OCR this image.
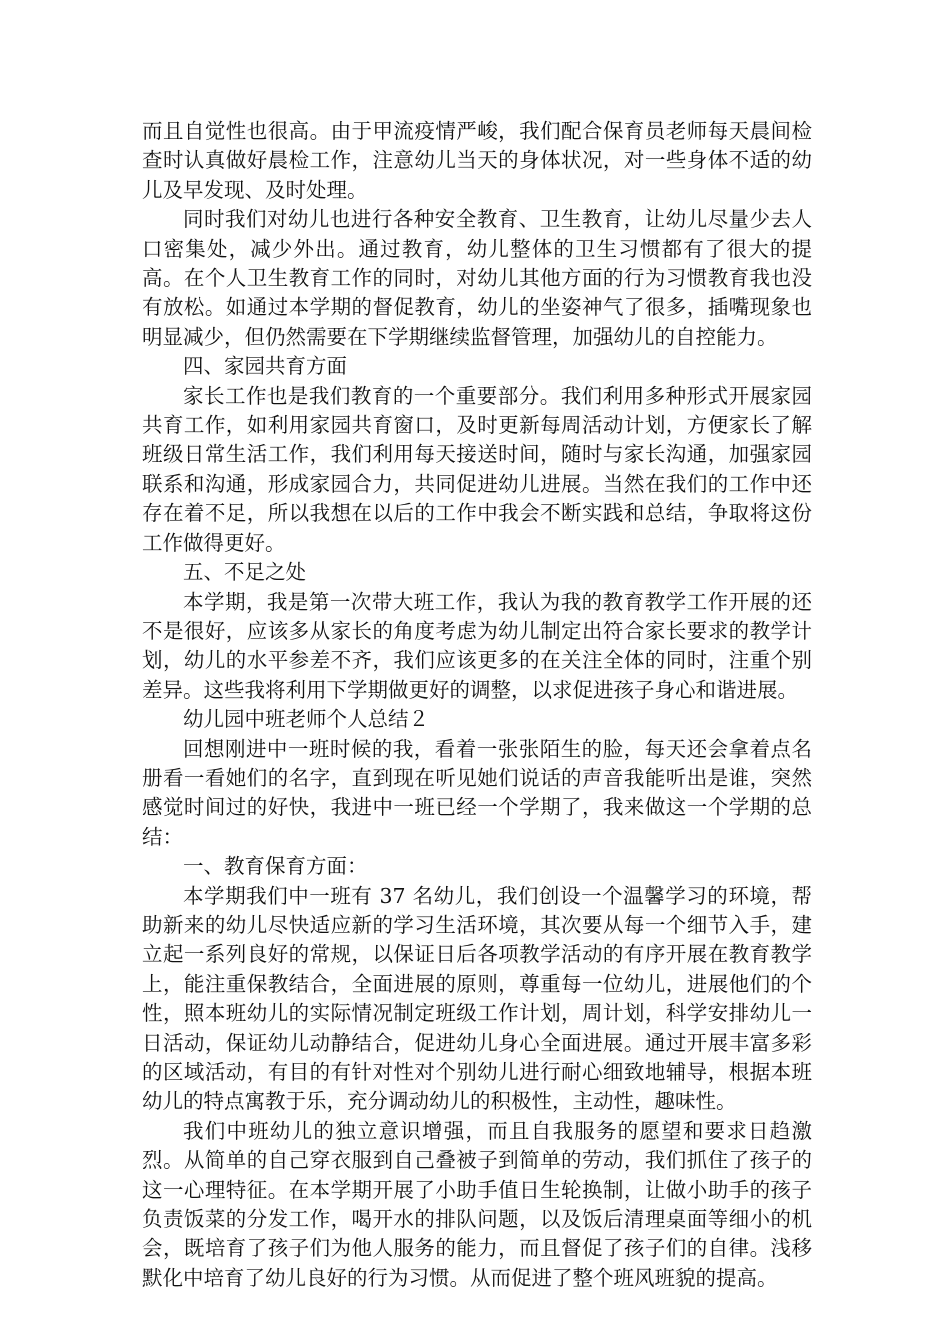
而且自觉性也很高。由于甲流疫情严峻，我们配合保育员老师每天晨间检查时认真做好晨检工作，注意幼儿当天的身体状况，对一些身体不适的幼儿及早发现、及时处理。

同时我们对幼儿也进行各种安全教育、卫生教育，让幼儿尽量少去人口密集处，减少外出。通过教育，幼儿整体的卫生习惯都有了很大的提高。在个人卫生教育工作的同时，对幼儿其他方面的行为习惯教育我也没有放松。如通过本学期的督促教育，幼儿的坐姿神气了很多，插嘴现象也明显减少，但仍然需要在下学期继续监督管理，加强幼儿的自控能力。

四、家园共育方面

家长工作也是我们教育的一个重要部分。我们利用多种形式开展家园共育工作，如利用家园共育窗口，及时更新每周活动计划，方便家长了解班级日常生活工作，我们利用每天接送时间，随时与家长沟通，加强家园联系和沟通，形成家园合力，共同促进幼儿进展。当然在我们的工作中还存在着不足，所以我想在以后的工作中我会不断实践和总结，争取将这份工作做得更好。

五、不足之处

本学期，我是第一次带大班工作，我认为我的教育教学工作开展的还不是很好，应该多从家长的角度考虑为幼儿制定出符合家长要求的教学计划，幼儿的水平参差不齐，我们应该更多的在关注全体的同时，注重个别差异。这些我将利用下学期做更好的调整，以求促进孩子身心和谐进展。

幼儿园中班老师个人总结２

回想刚进中一班时候的我，看着一张张陌生的脸，每天还会拿着点名册看一看她们的名字，直到现在听见她们说话的声音我能听出是谁，突然感觉时间过的好快，我进中一班已经一个学期了，我来做这一个学期的总结：

一、教育保育方面：

本学期我们中一班有 37 名幼儿，我们创设一个温馨学习的环境，帮助新来的幼儿尽快适应新的学习生活环境，其次要从每一个细节入手，建立起一系列良好的常规，以保证日后各项教学活动的有序开展在教育教学上，能注重保教结合，全面进展的原则，尊重每一位幼儿，进展他们的个性，照本班幼儿的实际情况制定班级工作计划，周计划，科学安排幼儿一日活动，保证幼儿动静结合，促进幼儿身心全面进展。通过开展丰富多彩的区域活动，有目的有针对性对个别幼儿进行耐心细致地辅导，根据本班幼儿的特点寓教于乐，充分调动幼儿的积极性，主动性，趣味性。

我们中班幼儿的独立意识增强，而且自我服务的愿望和要求日趋激烈。从简单的自己穿衣服到自己叠被子到简单的劳动，我们抓住了孩子的这一心理特征。在本学期开展了小助手值日生轮换制，让做小助手的孩子负责饭菜的分发工作，喝开水的排队问题，以及饭后清理桌面等细小的机会，既培育了孩子们为他人服务的能力，而且督促了孩子们的自律。浅移默化中培育了幼儿良好的行为习惯。从而促进了整个班风班貌的提高。
